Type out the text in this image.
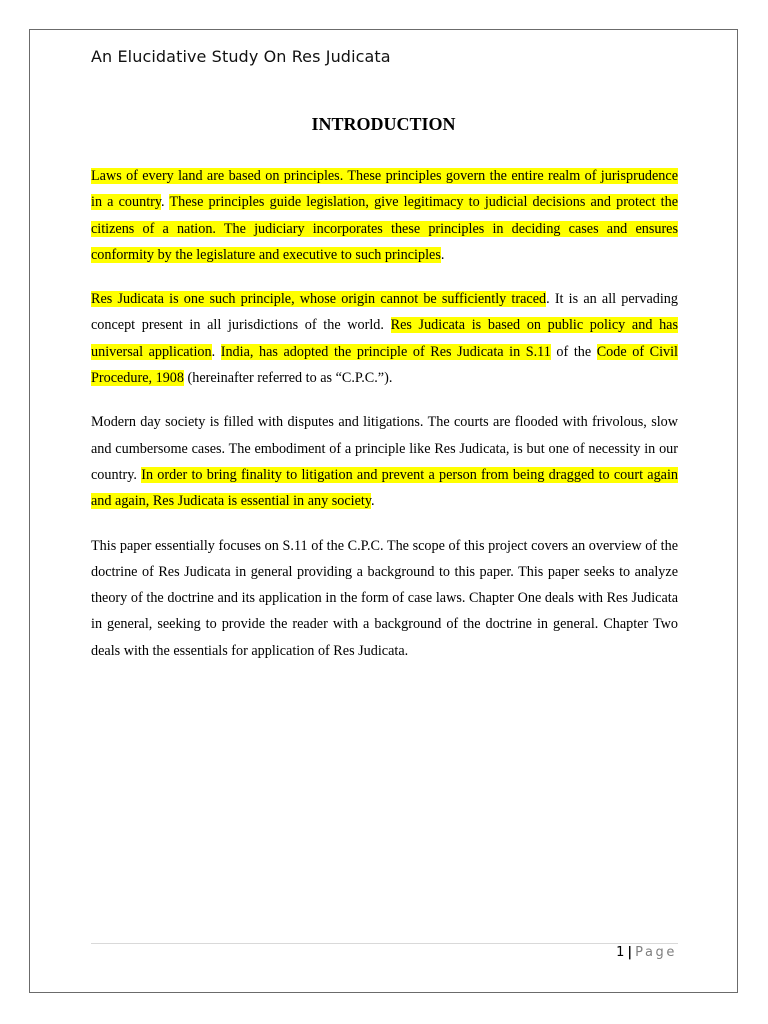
An Elucidative Study On Res Judicata
INTRODUCTION

Laws of every land are based on principles. These principles govern the entire realm of jurisprudence in a country. These principles guide legislation, give legitimacy to judicial decisions and protect the citizens of a nation. The judiciary incorporates these principles in deciding cases and ensures conformity by the legislature and executive to such principles.

Res Judicata is one such principle, whose origin cannot be sufficiently traced. It is an all pervading concept present in all jurisdictions of the world. Res Judicata is based on public policy and has universal application. India, has adopted the principle of Res Judicata in S.11 of the Code of Civil Procedure, 1908 (hereinafter referred to as “C.P.C.”).

Modern day society is filled with disputes and litigations. The courts are flooded with frivolous, slow and cumbersome cases. The embodiment of a principle like Res Judicata, is but one of necessity in our country. In order to bring finality to litigation and prevent a person from being dragged to court again and again, Res Judicata is essential in any society.

This paper essentially focuses on S.11 of the C.P.C. The scope of this project covers an overview of the doctrine of Res Judicata in general providing a background to this paper. This paper seeks to analyze theory of the doctrine and its application in the form of case laws. Chapter One deals with Res Judicata in general, seeking to provide the reader with a background of the doctrine in general. Chapter Two deals with the essentials for application of Res Judicata.

1 | Page
